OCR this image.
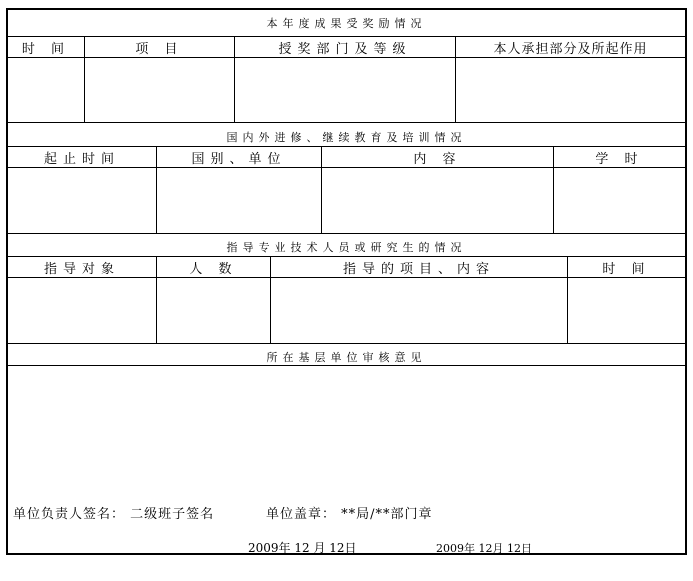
本年度成果受奖励情况
时 间	项 目	授奖部门及等级	本人承担部分及所起作用
国内外进修、继续教育及培训情况
起止时间	国别、单位	内 容	学 时
指导专业技术人员或研究生的情况
指导对象	人 数	指导的项目、内容	时 间
所在基层单位审核意见
单位负责人签名： 二级班子签名	单位盖章： **局/**部门章
2009年 12 月 12日	2009年 12月 12日
